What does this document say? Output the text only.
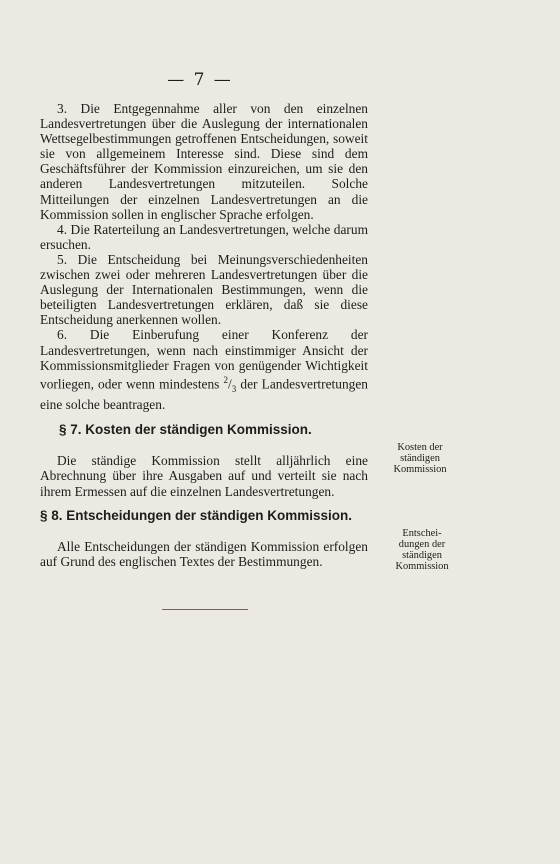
— 7 —

3. Die Entgegennahme aller von den einzelnen Landesvertretungen über die Auslegung der internationalen Wettsegelbestimmungen getroffenen Entscheidungen, soweit sie von allgemeinem Interesse sind. Diese sind dem Geschäftsführer der Kommission einzureichen, um sie den anderen Landesvertretungen mitzuteilen. Solche Mitteilungen der einzelnen Landesvertretungen an die Kommission sollen in englischer Sprache erfolgen.

4. Die Raterteilung an Landesvertretungen, welche darum ersuchen.

5. Die Entscheidung bei Meinungsverschiedenheiten zwischen zwei oder mehreren Landesvertretungen über die Auslegung der Internationalen Bestimmungen, wenn die beteiligten Landesvertretungen erklären, daß sie diese Entscheidung anerkennen wollen.

6. Die Einberufung einer Konferenz der Landesvertretungen, wenn nach einstimmiger Ansicht der Kommissionsmitglieder Fragen von genügender Wichtigkeit vorliegen, oder wenn mindestens $^2/_3$ der Landesvertretungen eine solche beantragen.

§ 7. Kosten der ständigen Kommission.

Die ständige Kommission stellt alljährlich eine Abrechnung über ihre Ausgaben auf und verteilt sie nach ihrem Ermessen auf die einzelnen Landesvertretungen.

Kosten der
ständigen
Kommission

§ 8. Entscheidungen der ständigen Kommission.

Alle Entscheidungen der ständigen Kommission erfolgen auf Grund des englischen Textes der Bestimmungen.

Entschei-
dungen der
ständigen
Kommission
